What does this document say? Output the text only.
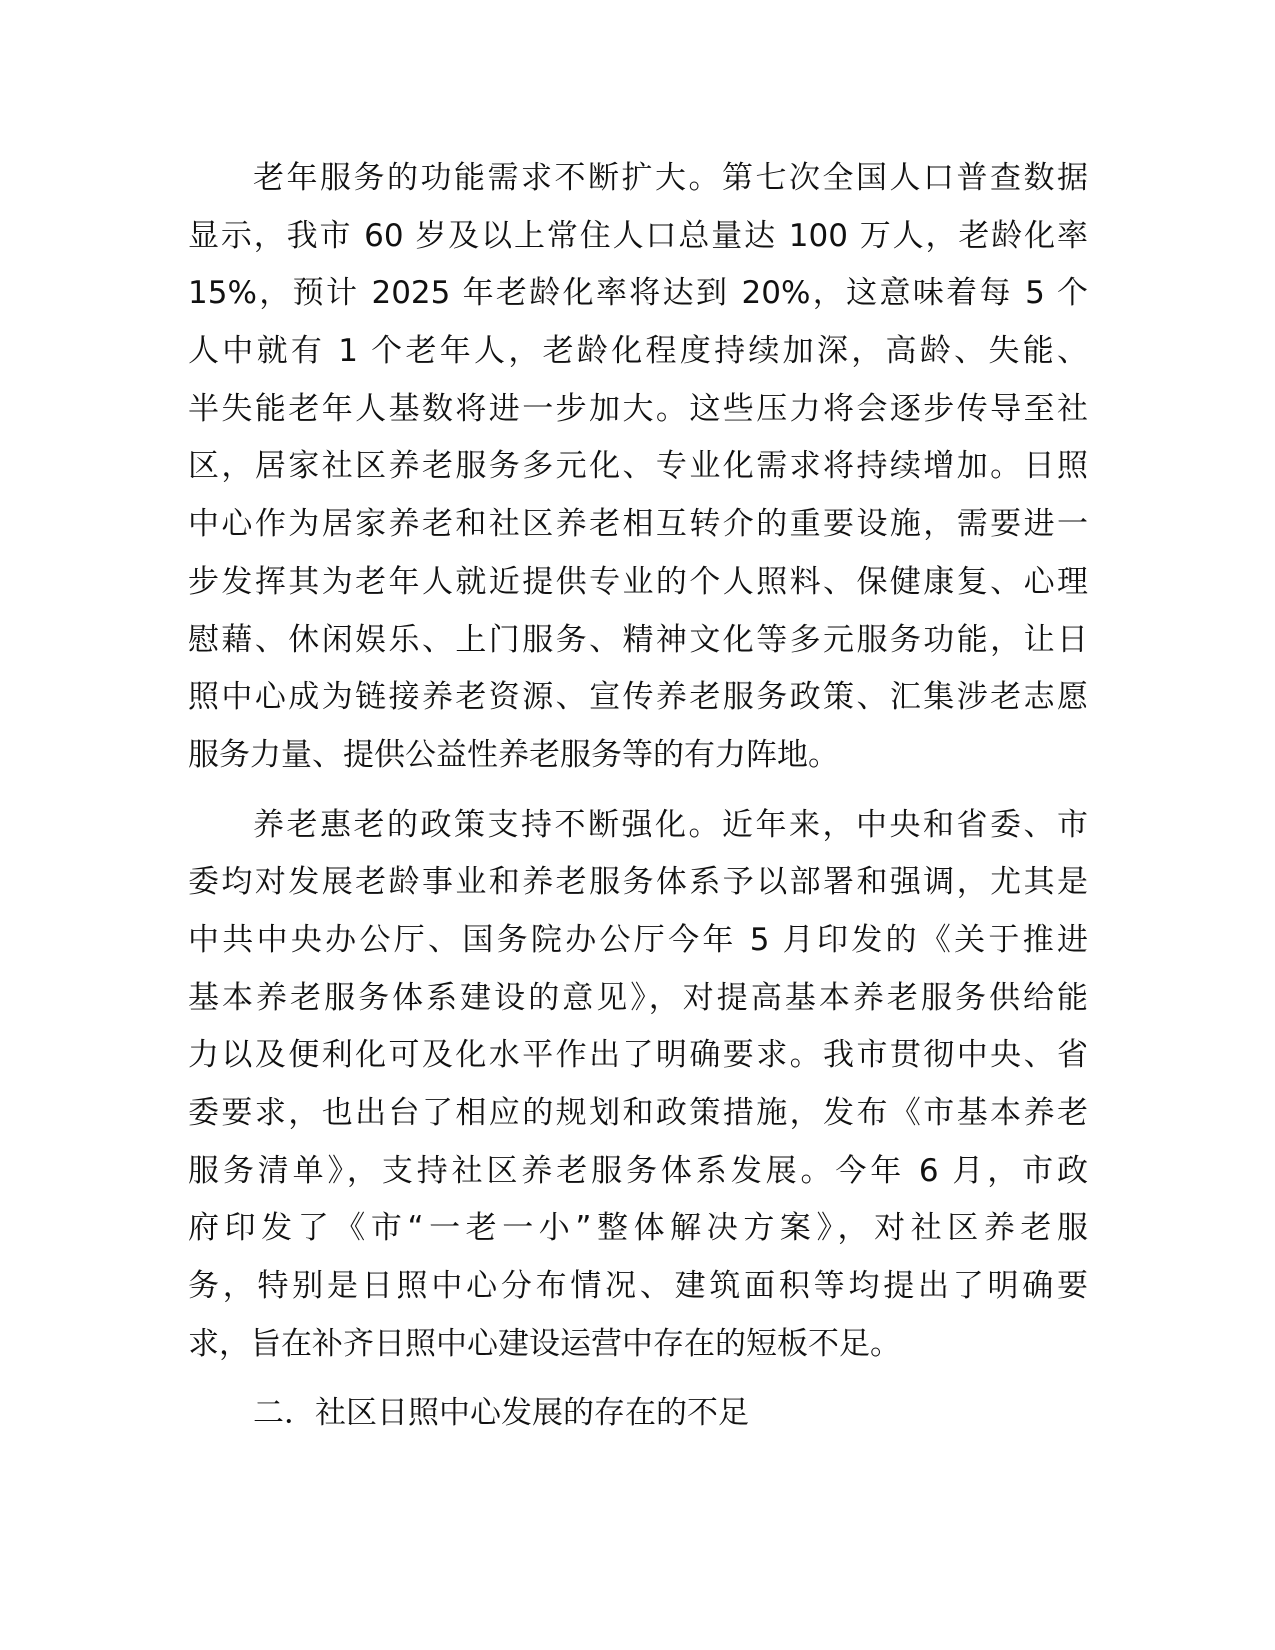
老年服务的功能需求不断扩大。第七次全国人口普查数据
显示，我市 60 岁及以上常住人口总量达 100 万人，老龄化率
15%，预计 2025 年老龄化率将达到 20%，这意味着每 5 个
人中就有 1 个老年人，老龄化程度持续加深，高龄、失能、
半失能老年人基数将进一步加大。这些压力将会逐步传导至社
区，居家社区养老服务多元化、专业化需求将持续增加。日照
中心作为居家养老和社区养老相互转介的重要设施，需要进一
步发挥其为老年人就近提供专业的个人照料、保健康复、心理
慰藉、休闲娱乐、上门服务、精神文化等多元服务功能，让日
照中心成为链接养老资源、宣传养老服务政策、汇集涉老志愿
服务力量、提供公益性养老服务等的有力阵地。
养老惠老的政策支持不断强化。近年来，中央和省委、市
委均对发展老龄事业和养老服务体系予以部署和强调，尤其是
中共中央办公厅、国务院办公厅今年 5 月印发的《关于推进
基本养老服务体系建设的意见》，对提高基本养老服务供给能
力以及便利化可及化水平作出了明确要求。我市贯彻中央、省
委要求，也出台了相应的规划和政策措施，发布《市基本养老
服务清单》，支持社区养老服务体系发展。今年 6 月，市政
府印发了《市“一老一小”整体解决方案》，对社区养老服
务，特别是日照中心分布情况、建筑面积等均提出了明确要
求，旨在补齐日照中心建设运营中存在的短板不足。
二．社区日照中心发展的存在的不足
